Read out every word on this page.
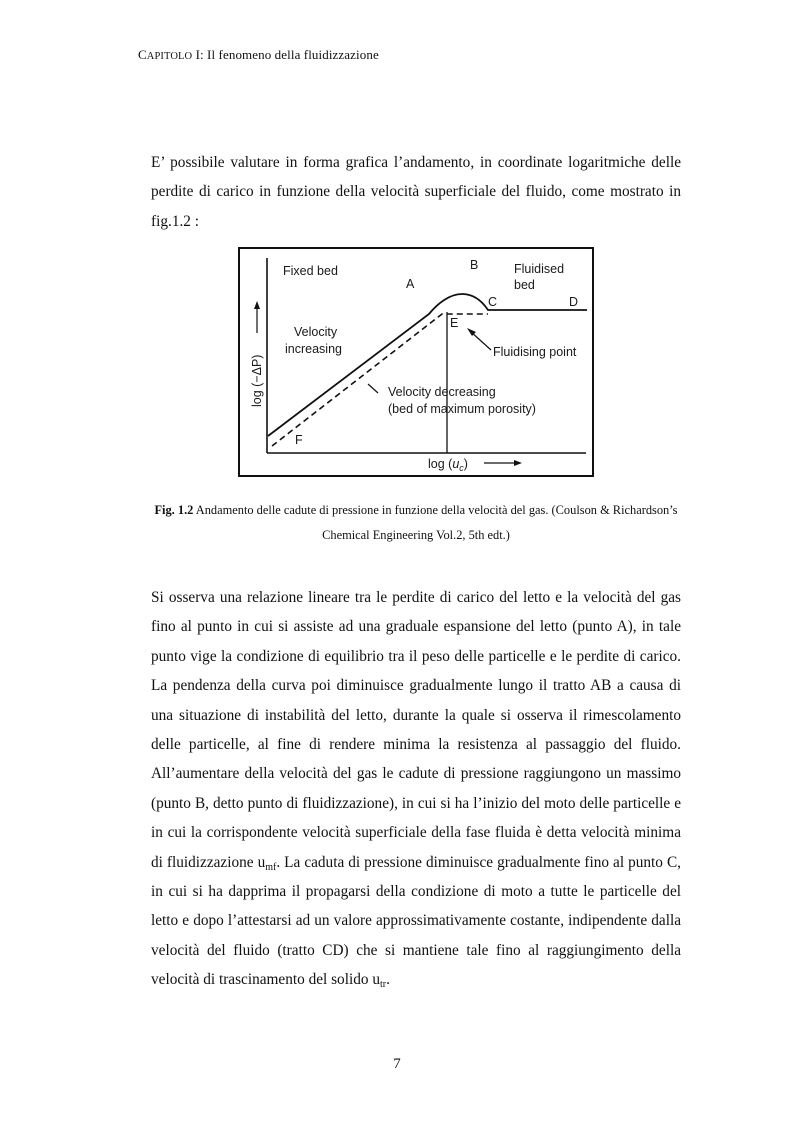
CAPITOLO I: Il fenomeno della fluidizzazione

E’ possibile valutare in forma grafica l’andamento, in coordinate logaritmiche delle perdite di carico in funzione della velocità superficiale del fluido, come mostrato in fig.1.2 :

Fixed bed	Fluidised
bed
A
B
C	D
E
F
Velocity
increasing	Fluidising point
Velocity decreasing
(bed of maximum porosity)
log (−ΔP)
$\log (u_c)$

Fig. 1.2 Andamento delle cadute di pressione in funzione della velocità del gas. (Coulson & Richardson’s Chemical Engineering Vol.2, 5th edt.)

Si osserva una relazione lineare tra le perdite di carico del letto e la velocità del gas fino al punto in cui si assiste ad una graduale espansione del letto (punto A), in tale punto vige la condizione di equilibrio tra il peso delle particelle e le perdite di carico. La pendenza della curva poi diminuisce gradualmente lungo il tratto AB a causa di una situazione di instabilità del letto, durante la quale si osserva il rimescolamento delle particelle, al fine di rendere minima la resistenza al passaggio del fluido. All’aumentare della velocità del gas le cadute di pressione raggiungono un massimo (punto B, detto punto di fluidizzazione), in cui si ha l’inizio del moto delle particelle e in cui la corrispondente velocità superficiale della fase fluida è detta velocità minima di fluidizzazione $u_{mf}$. La caduta di pressione diminuisce gradualmente fino al punto C, in cui si ha dapprima il propagarsi della condizione di moto a tutte le particelle del letto e dopo l’attestarsi ad un valore approssimativamente costante, indipendente dalla velocità del fluido (tratto CD) che si mantiene tale fino al raggiungimento della velocità di trascinamento del solido $u_{tr}$.

7
